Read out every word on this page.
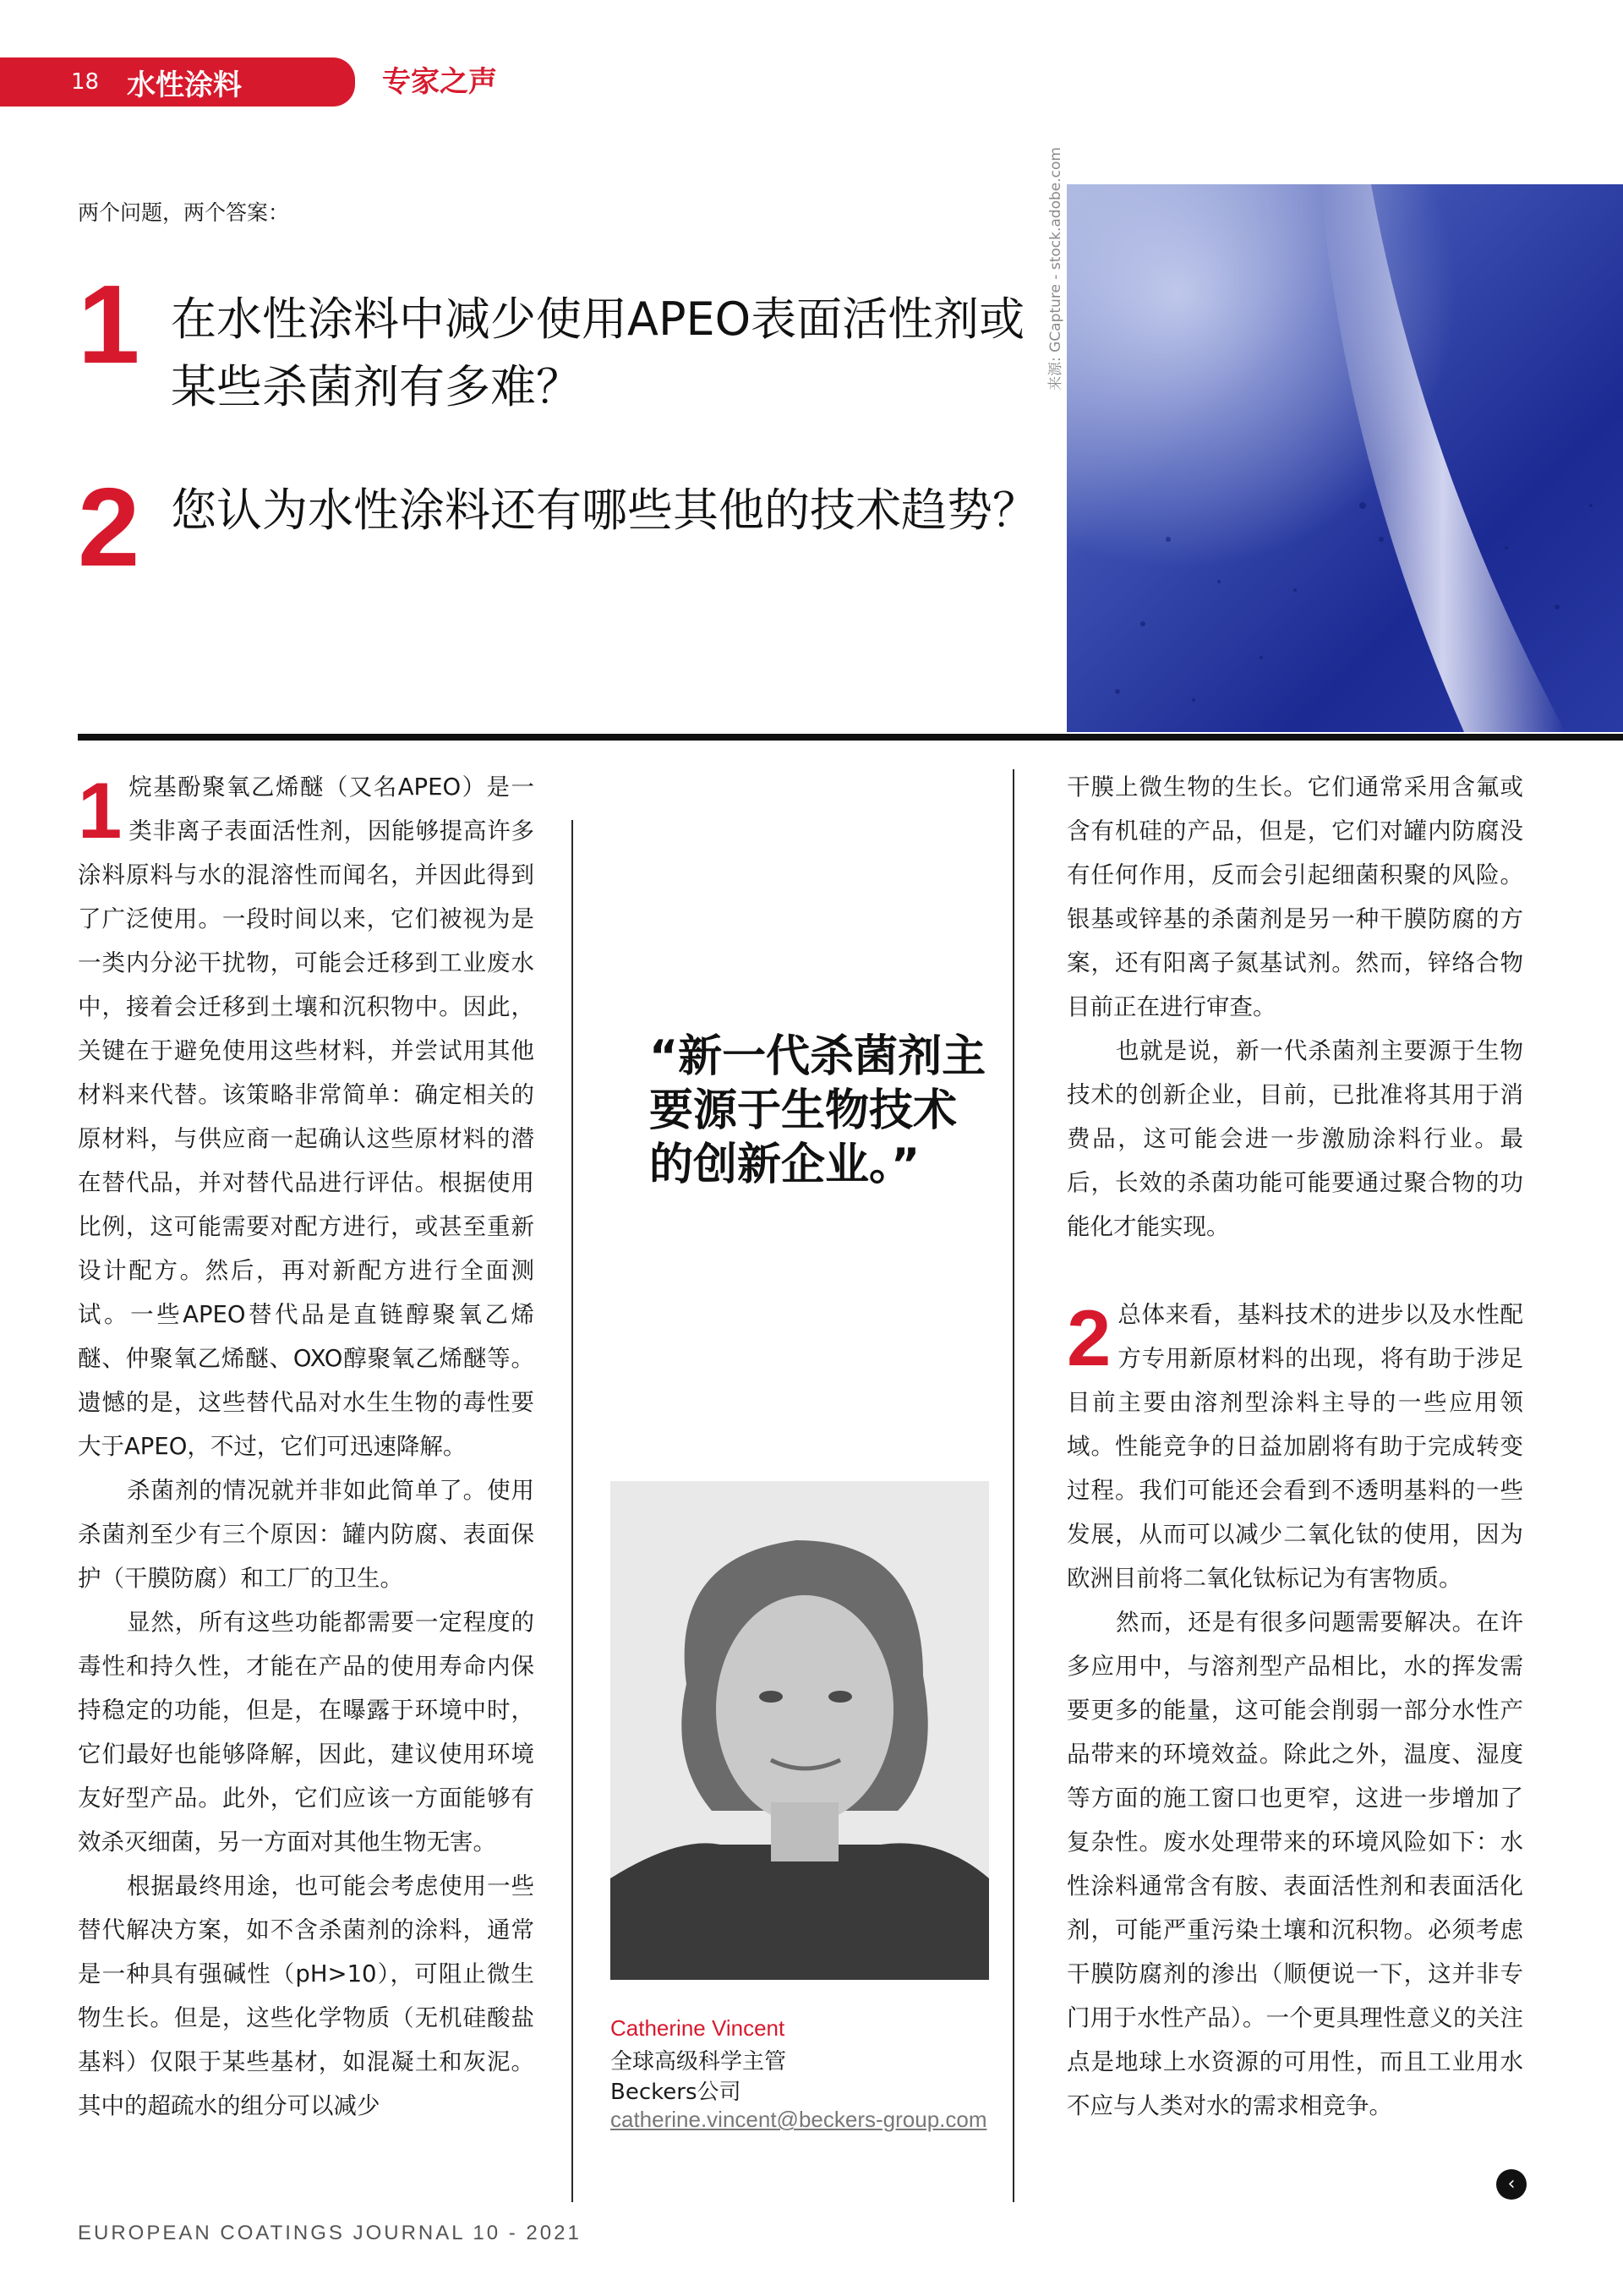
18 水性涂料	专家之声
两个问题，两个答案：
1 在水性涂料中减少使用APEO表面活性剂或某些杀菌剂有多难？
2 您认为水性涂料还有哪些其他的技术趋势？
来源: GCapture - stock.adobe.com

1 烷基酚聚氧乙烯醚（又名APEO）是一类非离子表面活性剂，因能够提高许多涂料原料与水的混溶性而闻名，并因此得到了广泛使用。一段时间以来，它们被视为是一类内分泌干扰物，可能会迁移到工业废水中，接着会迁移到土壤和沉积物中。因此，关键在于避免使用这些材料，并尝试用其他材料来代替。该策略非常简单：确定相关的原材料，与供应商一起确认这些原材料的潜在替代品，并对替代品进行评估。根据使用比例，这可能需要对配方进行，或甚至重新设计配方。然后，再对新配方进行全面测试。一些APEO替代品是直链醇聚氧乙烯醚、仲聚氧乙烯醚、OXO醇聚氧乙烯醚等。遗憾的是，这些替代品对水生生物的毒性要大于APEO，不过，它们可迅速降解。

杀菌剂的情况就并非如此简单了。使用杀菌剂至少有三个原因：罐内防腐、表面保护（干膜防腐）和工厂的卫生。

显然，所有这些功能都需要一定程度的毒性和持久性，才能在产品的使用寿命内保持稳定的功能，但是，在曝露于环境中时，它们最好也能够降解，因此，建议使用环境友好型产品。此外，它们应该一方面能够有效杀灭细菌，另一方面对其他生物无害。

根据最终用途，也可能会考虑使用一些替代解决方案，如不含杀菌剂的涂料，通常是一种具有强碱性（pH>10），可阻止微生物生长。但是，这些化学物质（无机硅酸盐基料）仅限于某些基材，如混凝土和灰泥。其中的超疏水的组分可以减少

“新一代杀菌剂主要源于生物技术的创新企业。”
Catherine Vincent
全球高级科学主管
Beckers公司
catherine.vincent@beckers-group.com

干膜上微生物的生长。它们通常采用含氟或含有机硅的产品，但是，它们对罐内防腐没有任何作用，反而会引起细菌积聚的风险。银基或锌基的杀菌剂是另一种干膜防腐的方案，还有阳离子氮基试剂。然而，锌络合物目前正在进行审查。

也就是说，新一代杀菌剂主要源于生物技术的创新企业，目前，已批准将其用于消费品，这可能会进一步激励涂料行业。最后，长效的杀菌功能可能要通过聚合物的功能化才能实现。

2 总体来看，基料技术的进步以及水性配方专用新原材料的出现，将有助于涉足目前主要由溶剂型涂料主导的一些应用领域。性能竞争的日益加剧将有助于完成转变过程。我们可能还会看到不透明基料的一些发展，从而可以减少二氧化钛的使用，因为欧洲目前将二氧化钛标记为有害物质。

然而，还是有很多问题需要解决。在许多应用中，与溶剂型产品相比，水的挥发需要更多的能量，这可能会削弱一部分水性产品带来的环境效益。除此之外，温度、湿度等方面的施工窗口也更窄，这进一步增加了复杂性。废水处理带来的环境风险如下：水性涂料通常含有胺、表面活性剂和表面活化剂，可能严重污染土壤和沉积物。必须考虑干膜防腐剂的渗出（顺便说一下，这并非专门用于水性产品）。一个更具理性意义的关注点是地球上水资源的可用性，而且工业用水不应与人类对水的需求相竞争。

‹
EUROPEAN COATINGS JOURNAL 10 - 2021
